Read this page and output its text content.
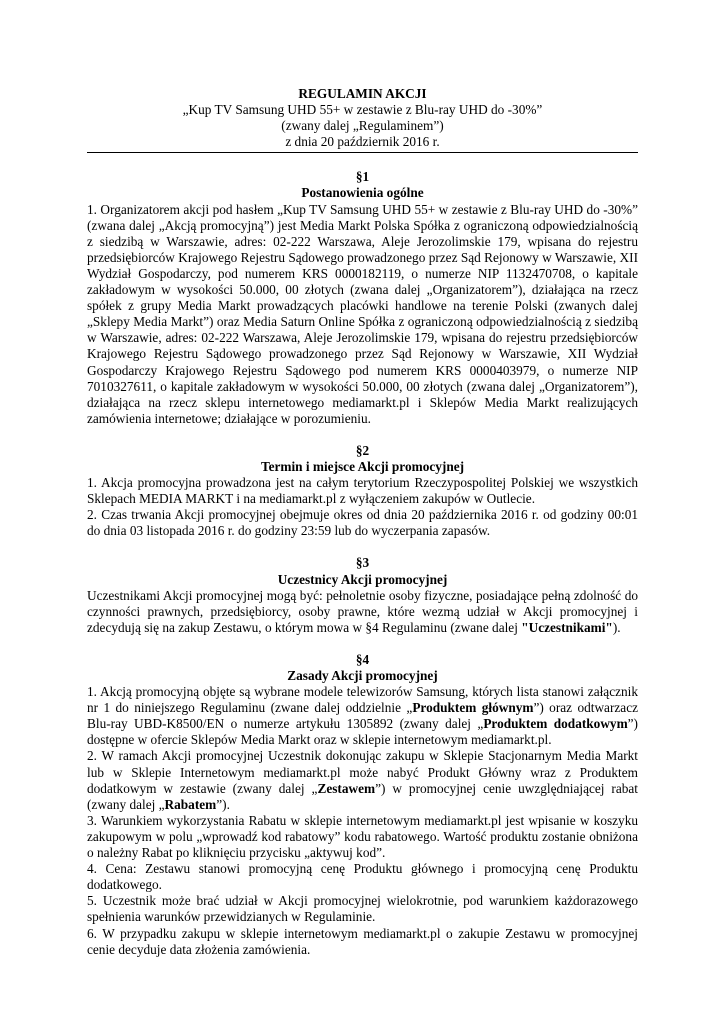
REGULAMIN AKCJI
„Kup TV Samsung UHD 55+ w zestawie z Blu-ray UHD do -30%”
(zwany dalej „Regulaminem”)
z dnia 20 październik 2016 r.
§1
Postanowienia ogólne

1. Organizatorem akcji pod hasłem „Kup TV Samsung UHD 55+ w zestawie z Blu-ray UHD do -30%” (zwana dalej „Akcją promocyjną”) jest Media Markt Polska Spółka z ograniczoną odpowiedzialnością z siedzibą w Warszawie, adres: 02-222 Warszawa, Aleje Jerozolimskie 179, wpisana do rejestru przedsiębiorców Krajowego Rejestru Sądowego prowadzonego przez Sąd Rejonowy w Warszawie, XII Wydział Gospodarczy, pod numerem KRS 0000182119, o numerze NIP 1132470708, o kapitale zakładowym w wysokości 50.000, 00 złotych (zwana dalej „Organizatorem”), działająca na rzecz spółek z grupy Media Markt prowadzących placówki handlowe na terenie Polski (zwanych dalej „Sklepy Media Markt”) oraz Media Saturn Online Spółka z ograniczoną odpowiedzialnością z siedzibą w Warszawie, adres: 02-222 Warszawa, Aleje Jerozolimskie 179, wpisana do rejestru przedsiębiorców Krajowego Rejestru Sądowego prowadzonego przez Sąd Rejonowy w Warszawie, XII Wydział Gospodarczy Krajowego Rejestru Sądowego pod numerem KRS 0000403979, o numerze NIP 7010327611, o kapitale zakładowym w wysokości 50.000, 00 złotych (zwana dalej „Organizatorem”), działająca na rzecz sklepu internetowego mediamarkt.pl i Sklepów Media Markt realizujących zamówienia internetowe; działające w porozumieniu.

§2
Termin i miejsce Akcji promocyjnej

1. Akcja promocyjna prowadzona jest na całym terytorium Rzeczypospolitej Polskiej we wszystkich Sklepach MEDIA MARKT i na mediamarkt.pl z wyłączeniem zakupów w Outlecie.

2. Czas trwania Akcji promocyjnej obejmuje okres od dnia 20 października 2016 r. od godziny 00:01 do dnia 03 listopada 2016 r. do godziny 23:59 lub do wyczerpania zapasów.

§3
Uczestnicy Akcji promocyjnej

Uczestnikami Akcji promocyjnej mogą być: pełnoletnie osoby fizyczne, posiadające pełną zdolność do czynności prawnych, przedsiębiorcy, osoby prawne, które wezmą udział w Akcji promocyjnej i zdecydują się na zakup Zestawu, o którym mowa w §4 Regulaminu (zwane dalej "Uczestnikami").

§4
Zasady Akcji promocyjnej

1. Akcją promocyjną objęte są wybrane modele telewizorów Samsung, których lista stanowi załącznik nr 1 do niniejszego Regulaminu (zwane dalej oddzielnie „Produktem głównym”) oraz odtwarzacz Blu-ray UBD-K8500/EN o numerze artykułu 1305892 (zwany dalej „Produktem dodatkowym”) dostępne w ofercie Sklepów Media Markt oraz w sklepie internetowym mediamarkt.pl.

2. W ramach Akcji promocyjnej Uczestnik dokonując zakupu w Sklepie Stacjonarnym Media Markt lub w Sklepie Internetowym mediamarkt.pl może nabyć Produkt Główny wraz z Produktem dodatkowym w zestawie (zwany dalej „Zestawem”) w promocyjnej cenie uwzględniającej rabat (zwany dalej „Rabatem”).

3. Warunkiem wykorzystania Rabatu w sklepie internetowym mediamarkt.pl jest wpisanie w koszyku zakupowym w polu „wprowadź kod rabatowy” kodu rabatowego. Wartość produktu zostanie obniżona o należny Rabat po kliknięciu przycisku „aktywuj kod”.

4. Cena: Zestawu stanowi promocyjną cenę Produktu głównego i promocyjną cenę Produktu dodatkowego.

5. Uczestnik może brać udział w Akcji promocyjnej wielokrotnie, pod warunkiem każdorazowego spełnienia warunków przewidzianych w Regulaminie.

6. W przypadku zakupu w sklepie internetowym mediamarkt.pl o zakupie Zestawu w promocyjnej cenie decyduje data złożenia zamówienia.
